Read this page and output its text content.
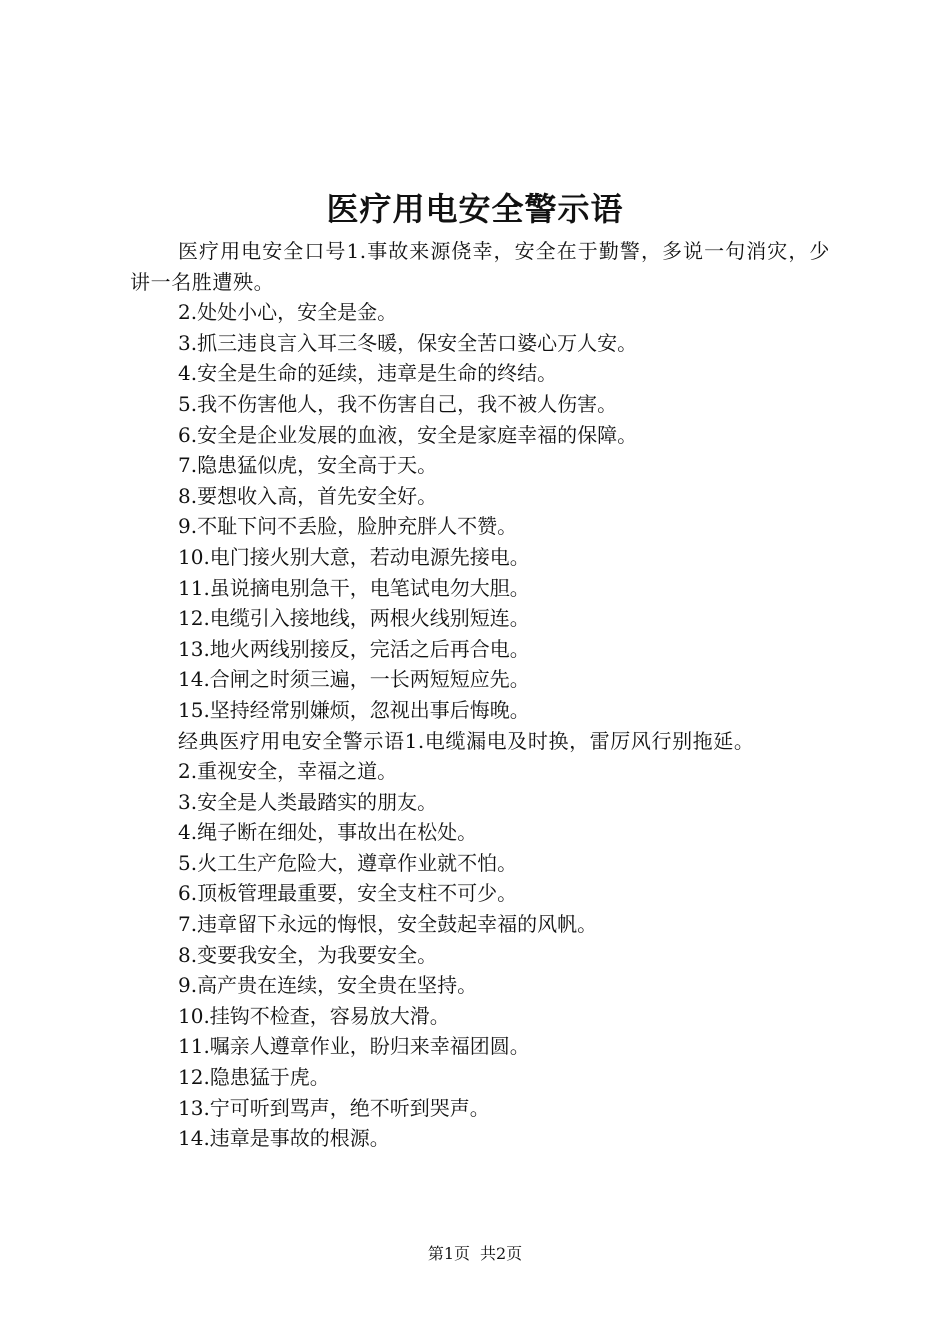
医疗用电安全警示语

医疗用电安全口号1.事故来源侥幸，安全在于勤警，多说一句消灾，少讲一名胜遭殃。

2.处处小心，安全是金。

3.抓三违良言入耳三冬暖，保安全苦口婆心万人安。

4.安全是生命的延续，违章是生命的终结。

5.我不伤害他人，我不伤害自己，我不被人伤害。

6.安全是企业发展的血液，安全是家庭幸福的保障。

7.隐患猛似虎，安全高于天。

8.要想收入高，首先安全好。

9.不耻下问不丢脸，脸肿充胖人不赞。

10.电门接火别大意，若动电源先接电。

11.虽说摘电别急干，电笔试电勿大胆。

12.电缆引入接地线，两根火线别短连。

13.地火两线别接反，完活之后再合电。

14.合闸之时须三遍，一长两短短应先。

15.坚持经常别嫌烦，忽视出事后悔晚。

经典医疗用电安全警示语1.电缆漏电及时换，雷厉风行别拖延。

2.重视安全，幸福之道。

3.安全是人类最踏实的朋友。

4.绳子断在细处，事故出在松处。

5.火工生产危险大，遵章作业就不怕。

6.顶板管理最重要，安全支柱不可少。

7.违章留下永远的悔恨，安全鼓起幸福的风帆。

8.变要我安全，为我要安全。

9.高产贵在连续，安全贵在坚持。

10.挂钩不检查，容易放大滑。

11.嘱亲人遵章作业，盼归来幸福团圆。

12.隐患猛于虎。

13.宁可听到骂声，绝不听到哭声。

14.违章是事故的根源。

第1页 共2页
